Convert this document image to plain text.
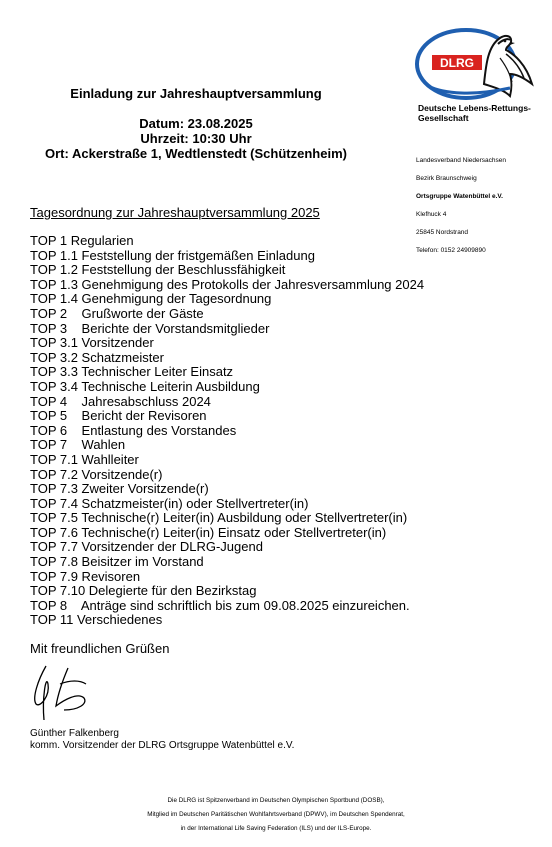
Einladung zur Jahreshauptversammlung
Datum: 23.08.2025
Uhrzeit: 10:30 Uhr
Ort: Ackerstraße 1, Wedtlenstedt (Schützenheim)
DLRG
Deutsche Lebens-Rettungs-
Gesellschaft
Landesverband Niedersachsen
Bezirk Braunschweig
Ortsgruppe Watenbüttel e.V.
Klefhuck 4
25845 Nordstrand
Telefon: 0152 24909890
Tagesordnung zur Jahreshauptversammlung 2025
TOP 1 Regularien
TOP 1.1 Feststellung der fristgemäßen Einladung
TOP 1.2 Feststellung der Beschlussfähigkeit
TOP 1.3 Genehmigung des Protokolls der Jahresversammlung 2024
TOP 1.4 Genehmigung der Tagesordnung
TOP 2    Grußworte der Gäste
TOP 3    Berichte der Vorstandsmitglieder
TOP 3.1 Vorsitzender
TOP 3.2 Schatzmeister
TOP 3.3 Technischer Leiter Einsatz
TOP 3.4 Technische Leiterin Ausbildung
TOP 4    Jahresabschluss 2024
TOP 5    Bericht der Revisoren
TOP 6    Entlastung des Vorstandes
TOP 7    Wahlen
TOP 7.1 Wahlleiter
TOP 7.2 Vorsitzende(r)
TOP 7.3 Zweiter Vorsitzende(r)
TOP 7.4 Schatzmeister(in) oder Stellvertreter(in)
TOP 7.5 Technische(r) Leiter(in) Ausbildung oder Stellvertreter(in)
TOP 7.6 Technische(r) Leiter(in) Einsatz oder Stellvertreter(in)
TOP 7.7 Vorsitzender der DLRG-Jugend
TOP 7.8 Beisitzer im Vorstand
TOP 7.9 Revisoren
TOP 7.10 Delegierte für den Bezirkstag
TOP 8    Anträge sind schriftlich bis zum 09.08.2025 einzureichen.
TOP 11 Verschiedenes
Mit freundlichen Grüßen
Günther Falkenberg
komm. Vorsitzender der DLRG Ortsgruppe Watenbüttel e.V.
Die DLRG ist Spitzenverband im Deutschen Olympischen Sportbund (DOSB),
Mitglied im Deutschen Paritätischen Wohlfahrtsverband (DPWV), im Deutschen Spendenrat,
in der International Life Saving Federation (ILS) und der ILS-Europe.
